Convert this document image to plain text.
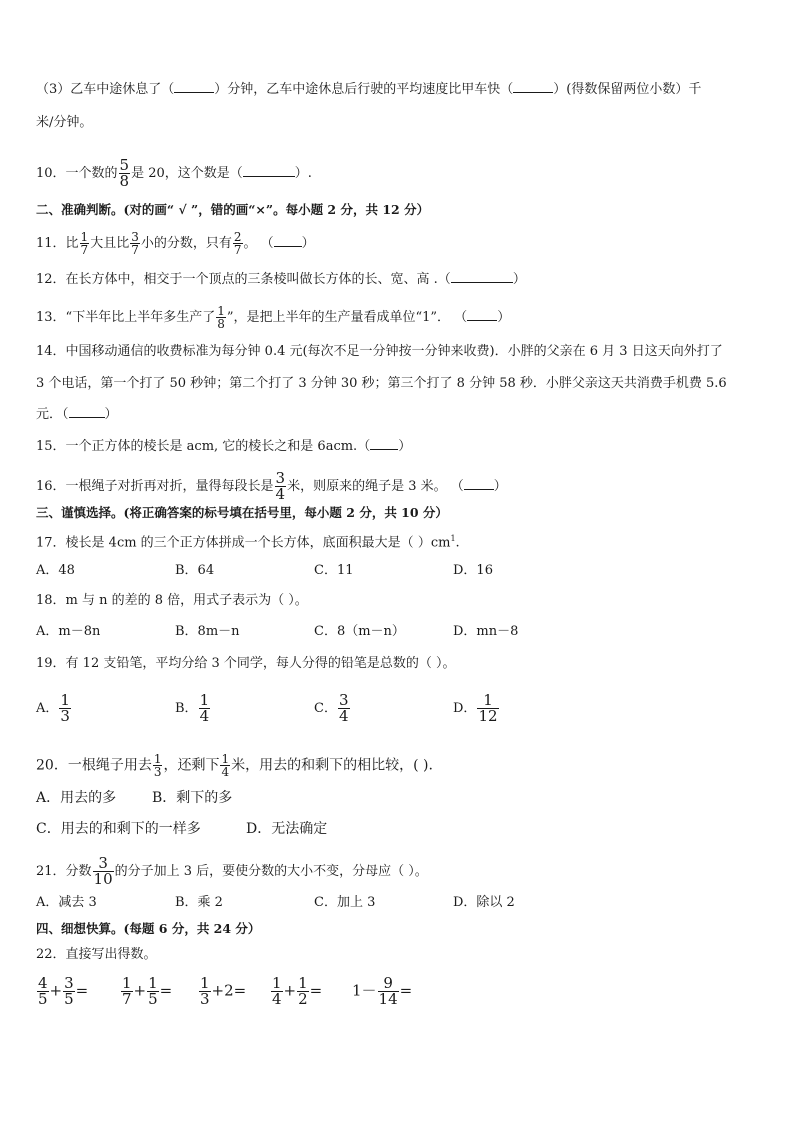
（3）乙车中途休息了（	）分钟，乙车中途休息后行驶的平均速度比甲车快（	）(得数保留两位小数）千
米/分钟。
10．一个数的 $\frac{5}{8}$ 是 20，这个数是（	）.
二、准确判断。(对的画“ √ ”，错的画“×”。每小题 2 分，共 12 分）
11．比 $\frac{1}{7}$ 大且比 $\frac{3}{7}$ 小的分数，只有 $\frac{2}{7}$ 。 （ ）
12．在长方体中，相交于一个顶点的三条棱叫做长方体的长、宽、高 .（	）
13．“下半年比上半年多生产了 $\frac{1}{8}$ ”，是把上半年的生产量看成单位“1”． （ ）
14．中国移动通信的收费标准为每分钟 0.4 元(每次不足一分钟按一分钟来收费)．小胖的父亲在 6 月 3 日这天向外打了
3 个电话，第一个打了 50 秒钟；第二个打了 3 分钟 30 秒；第三个打了 8 分钟 58 秒．小胖父亲这天共消费手机费 5.6
元．（	）
15．一个正方体的棱长是 acm, 它的棱长之和是 6acm.（ ）
16．一根绳子对折再对折，量得每段长是 $\frac{3}{4}$ 米，则原来的绳子是 3 米。 （ ）
三、谨慎选择。(将正确答案的标号填在括号里，每小题 2 分，共 10 分）
17．棱长是 4cm 的三个正方体拼成一个长方体，底面积最大是（ ）$cm^1$.
A．48	B．64	C．11	D．16
18．m 与 n 的差的 8 倍，用式子表示为（ ）。
A．m－8n	B．8m－n	C．8（m－n）	D．mn－8
19．有 12 支铅笔，平均分给 3 个同学，每人分得的铅笔是总数的（ ）。
A． $\frac{1}{3}$	B． $\frac{1}{4}$	C． $\frac{3}{4}$	D． $\frac{1}{12}$
20．一根绳子用去 $\frac{1}{3}$ ，还剩下 $\frac{1}{4}$ 米，用去的和剩下的相比较，( ).
A．用去的多	B．剩下的多
C．用去的和剩下的一样多	D．无法确定
21．分数 $\frac{3}{10}$ 的分子加上 3 后，要使分数的大小不变，分母应（ ）。
A．减去 3	B．乘 2	C．加上 3	D．除以 2
四、细想快算。(每题 6 分，共 24 分）
22．直接写出得数。
$\frac{4}{5} + \frac{3}{5} = \frac{1}{7} + \frac{1}{5} = \frac{1}{3} +2= \frac{1}{4} + \frac{1}{2} = 1- \frac{9}{14}$ =
